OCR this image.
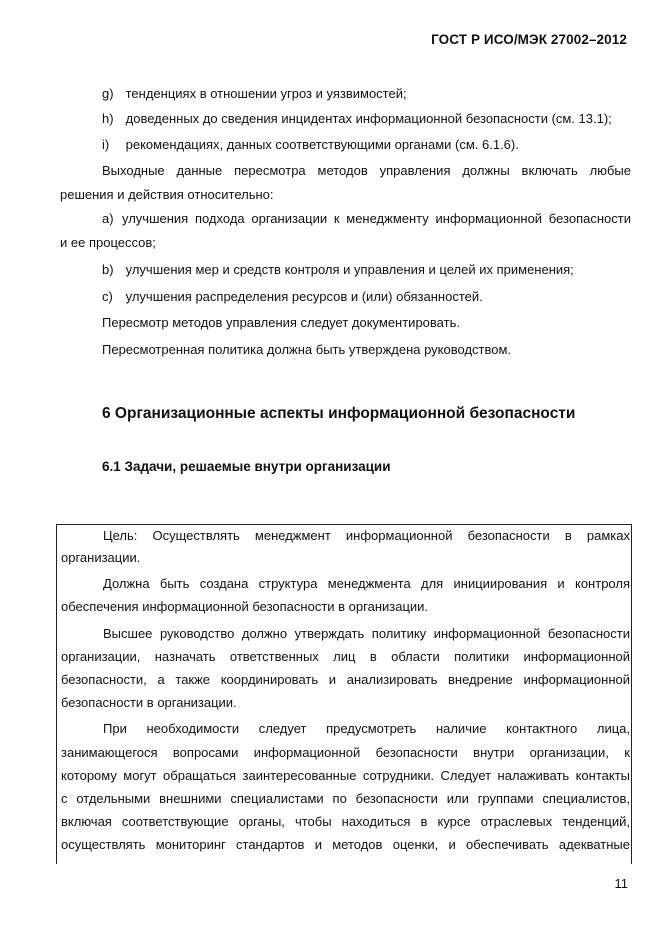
ГОСТ Р ИСО/МЭК 27002–2012
g) тенденциях в отношении угроз и уязвимостей;
h) доведенных до сведения инцидентах информационной безопасности (см. 13.1);
i) рекомендациях, данных соответствующими органами (см. 6.1.6).
Выходные данные пересмотра методов управления должны включать любые
решения и действия относительно:
a) улучшения подхода организации к менеджменту информационной безопасности
и ее процессов;
b) улучшения мер и средств контроля и управления и целей их применения;
c) улучшения распределения ресурсов и (или) обязанностей.
Пересмотр методов управления следует документировать.
Пересмотренная политика должна быть утверждена руководством.
6 Организационные аспекты информационной безопасности
6.1 Задачи, решаемые внутри организации
Цель: Осуществлять менеджмент информационной безопасности в рамках
организации.
Должна быть создана структура менеджмента для инициирования и контроля
обеспечения информационной безопасности в организации.
Высшее руководство должно утверждать политику информационной безопасности
организации, назначать ответственных лиц в области политики информационной
безопасности, а также координировать и анализировать внедрение информационной
безопасности в организации.
При необходимости следует предусмотреть наличие контактного лица,
занимающегося вопросами информационной безопасности внутри организации, к
которому могут обращаться заинтересованные сотрудники. Следует налаживать контакты
с отдельными внешними специалистами по безопасности или группами специалистов,
включая соответствующие органы, чтобы находиться в курсе отраслевых тенденций,
осуществлять мониторинг стандартов и методов оценки, и обеспечивать адекватные
11
